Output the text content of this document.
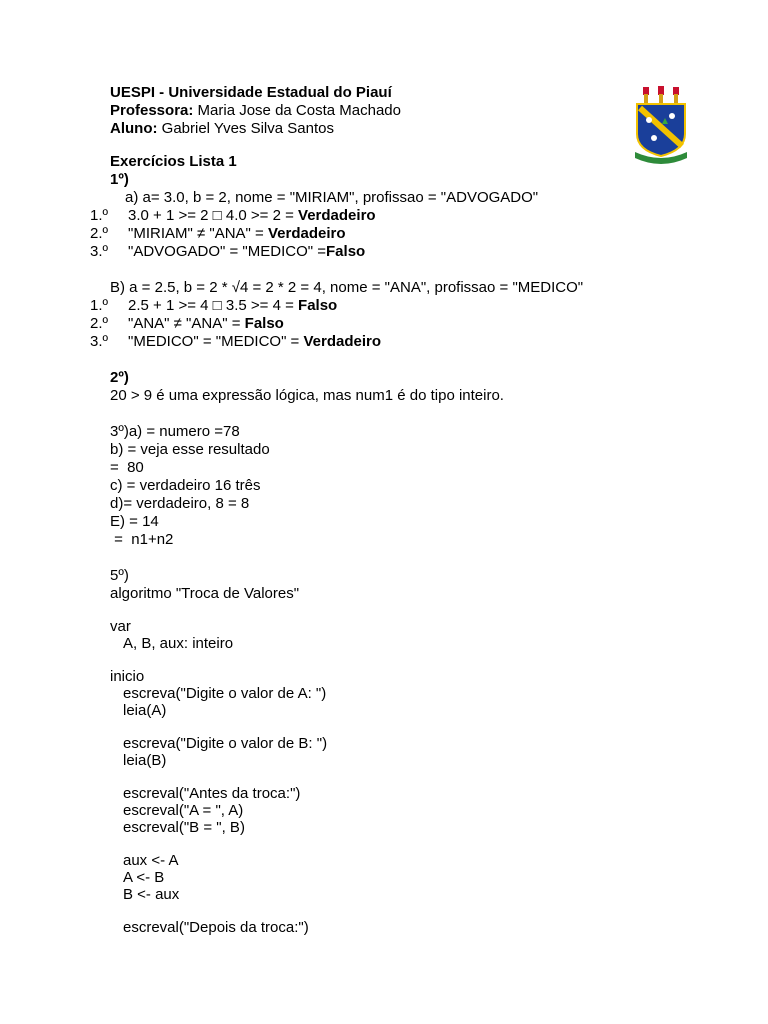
UESPI - Universidade Estadual do Piauí
Professora: Maria Jose da Costa Machado
Aluno: Gabriel Yves Silva Santos
Exercícios Lista 1
1º)
a) a= 3.0, b = 2, nome = "MIRIAM", profissao = "ADVOGADO"
1.º 3.0 + 1 >= 2 □ 4.0 >= 2 = Verdadeiro
2.º "MIRIAM" ≠ "ANA" = Verdadeiro
3.º "ADVOGADO" = "MEDICO" =Falso
B) a = 2.5, b = 2 * √4 = 2 * 2 = 4, nome = "ANA", profissao = "MEDICO"
1.º 2.5 + 1 >= 4 □ 3.5 >= 4 = Falso
2.º "ANA" ≠ "ANA" = Falso
3.º "MEDICO" = "MEDICO" = Verdadeiro
2º)
20 > 9 é uma expressão lógica, mas num1 é do tipo inteiro.
3º)a) = numero =78
b) = veja esse resultado
=  80
c) = verdadeiro 16 três
d)= verdadeiro, 8 = 8
E) = 14
=  n1+n2
5º)
algoritmo "Troca de Valores"
var
A, B, aux: inteiro
inicio
escreva("Digite o valor de A: ")
leia(A)
escreva("Digite o valor de B: ")
leia(B)
escreval("Antes da troca:")
escreval("A = ", A)
escreval("B = ", B)
aux <- A
A <- B
B <- aux
escreval("Depois da troca:")
